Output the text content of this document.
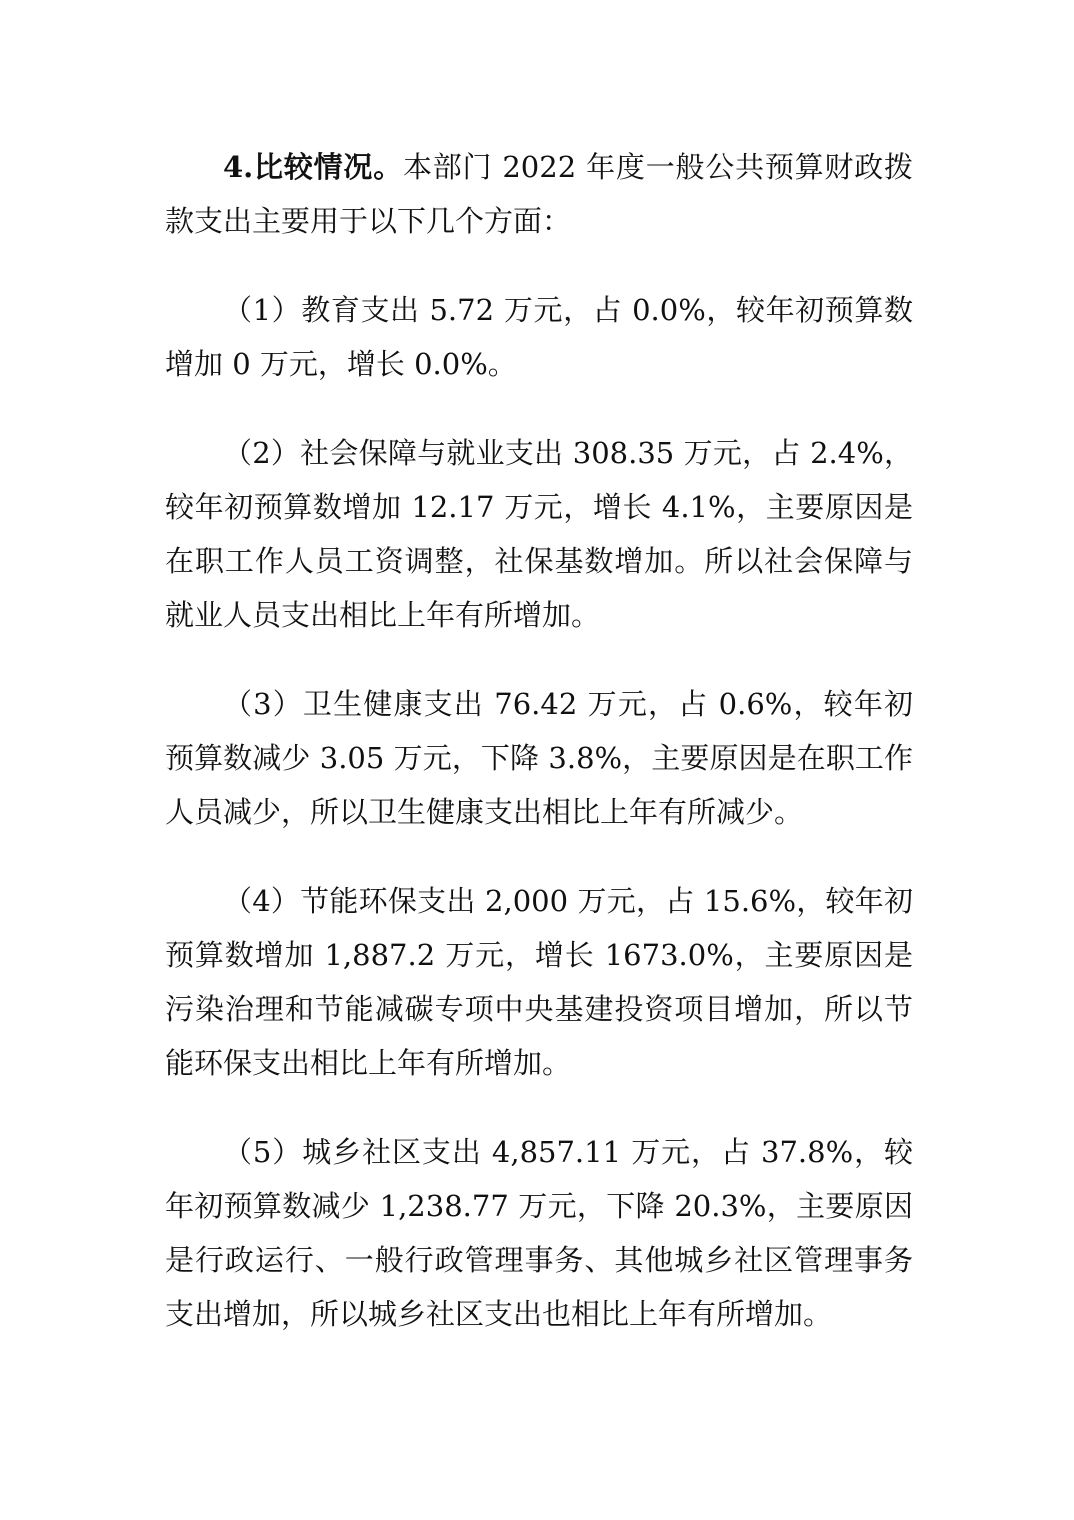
4.比较情况。本部门 2022 年度一般公共预算财政拨款支出主要用于以下几个方面：

（1）教育支出 5.72 万元，占 0.0%，较年初预算数增加 0 万元，增长 0.0%。

（2）社会保障与就业支出 308.35 万元，占 2.4%，较年初预算数增加 12.17 万元，增长 4.1%，主要原因是在职工作人员工资调整，社保基数增加。所以社会保障与就业人员支出相比上年有所增加。

（3）卫生健康支出 76.42 万元，占 0.6%，较年初预算数减少 3.05 万元，下降 3.8%，主要原因是在职工作人员减少，所以卫生健康支出相比上年有所减少。

（4）节能环保支出 2,000 万元，占 15.6%，较年初预算数增加 1,887.2 万元，增长 1673.0%，主要原因是污染治理和节能减碳专项中央基建投资项目增加，所以节能环保支出相比上年有所增加。

（5）城乡社区支出 4,857.11 万元，占 37.8%，较年初预算数减少 1,238.77 万元，下降 20.3%，主要原因是行政运行、一般行政管理事务、其他城乡社区管理事务支出增加，所以城乡社区支出也相比上年有所增加。
